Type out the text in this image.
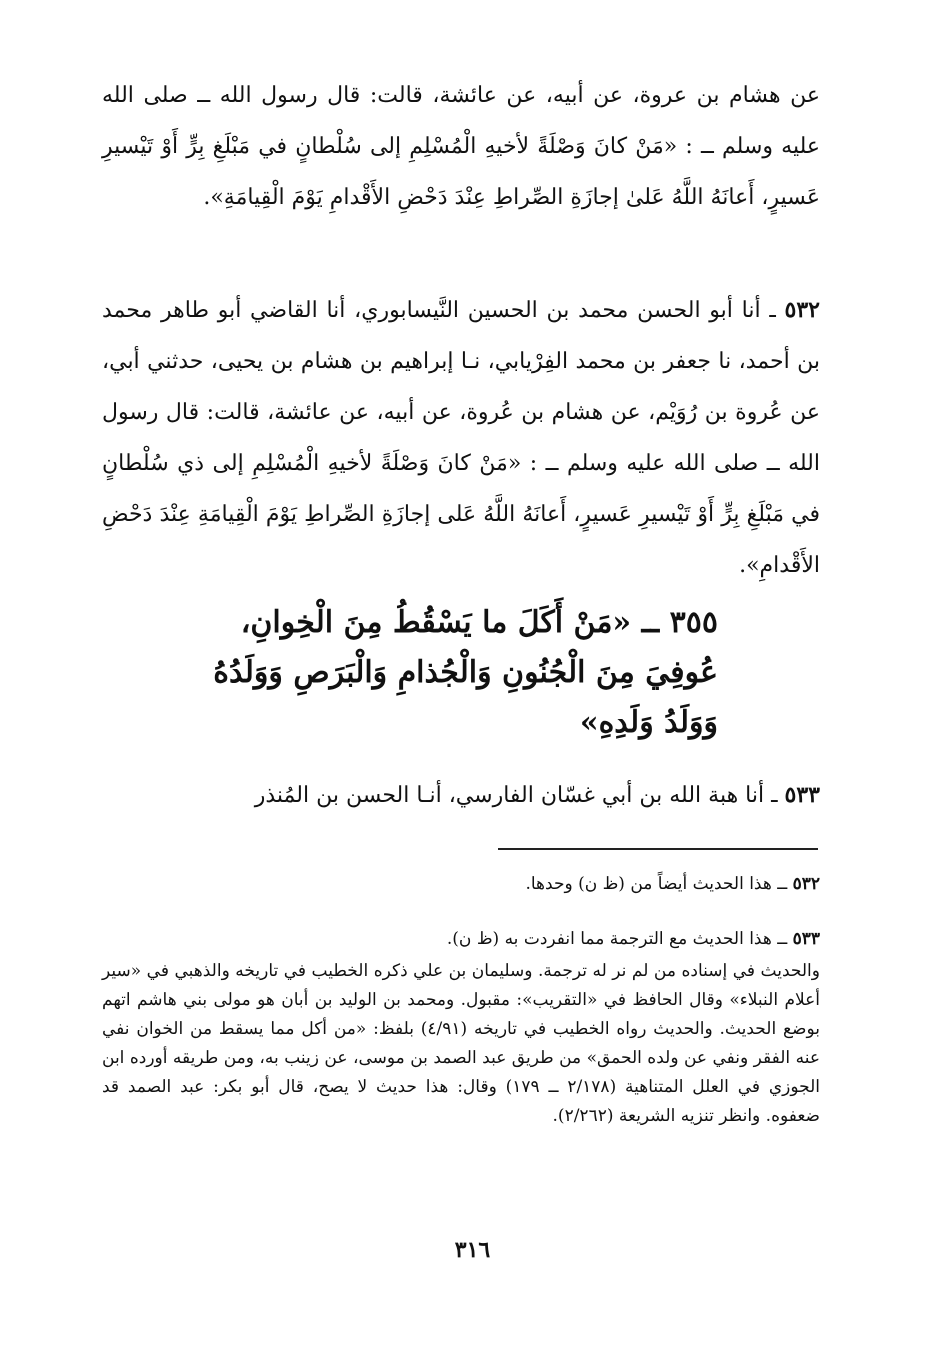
عن هشام بن عروة، عن أبيه، عن عائشة، قالت: قال رسول الله ــ صلى الله عليه وسلم ــ : «مَنْ كانَ وَصْلَةً لأخيهِ الْمُسْلِمِ إلى سُلْطانٍ في مَبْلَغِ بِرٍّ أَوْ تَيْسيرِ عَسيرٍ، أَعانَهُ اللَّهُ عَلىٰ إجازَةِ الصِّراطِ عِنْدَ دَحْضِ الأَقْدامِ يَوْمَ الْقِيامَةِ».

٥٣٢ ـ أنا أبو الحسن محمد بن الحسين النَّيسابوري، أنا القاضي أبو طاهر محمد بن أحمد، نا جعفر بن محمد الفِرْيابي، نـا إبراهيم بن هشام بن يحيى، حدثني أبي، عن عُروة بن رُوَيْم، عن هشام بن عُروة، عن أبيه، عن عائشة، قالت: قال رسول الله ــ صلى الله عليه وسلم ــ : «مَنْ كانَ وَصْلَةً لأخيهِ الْمُسْلِمِ إلى ذي سُلْطانٍ في مَبْلَغِ بِرٍّ أَوْ تَيْسيرِ عَسيرٍ، أَعانَهُ اللَّهُ عَلى إجازَةِ الصِّراطِ يَوْمَ الْقِيامَةِ عِنْدَ دَحْضِ الأَقْدامِ».

٣٥٥ ــ «مَنْ أَكَلَ ما يَسْقُطُ مِنَ الْخِوانِ، عُوفِيَ مِنَ الْجُنُونِ وَالْجُذامِ وَالْبَرَصِ وَوَلَدُهُ وَوَلَدُ وَلَدِهِ»

٥٣٣ ـ أنا هبة الله بن أبي غسّان الفارسي، أنـا الحسن بن المُنذر

٥٣٢ ــ هذا الحديث أيضاً من (ظ ن) وحدها.

٥٣٣ ــ هذا الحديث مع الترجمة مما انفردت به (ظ ن).

والحديث في إسناده من لم نر له ترجمة. وسليمان بن علي ذكره الخطيب في تاريخه والذهبي في «سير أعلام النبلاء» وقال الحافظ في «التقريب»: مقبول. ومحمد بن الوليد بن أبان هو مولى بني هاشم اتهم بوضع الحديث. والحديث رواه الخطيب في تاريخه (٤/٩١) بلفظ: «من أكل مما يسقط من الخوان نفي عنه الفقر ونفي عن ولده الحمق» من طريق عبد الصمد بن موسى، عن زينب به، ومن طريقه أورده ابن الجوزي في العلل المتناهية (٢/١٧٨ ــ ١٧٩) وقال: هذا حديث لا يصح، قال أبو بكر: عبد الصمد قد ضعفوه. وانظر تنزيه الشريعة (٢/٢٦٢).

٣١٦
